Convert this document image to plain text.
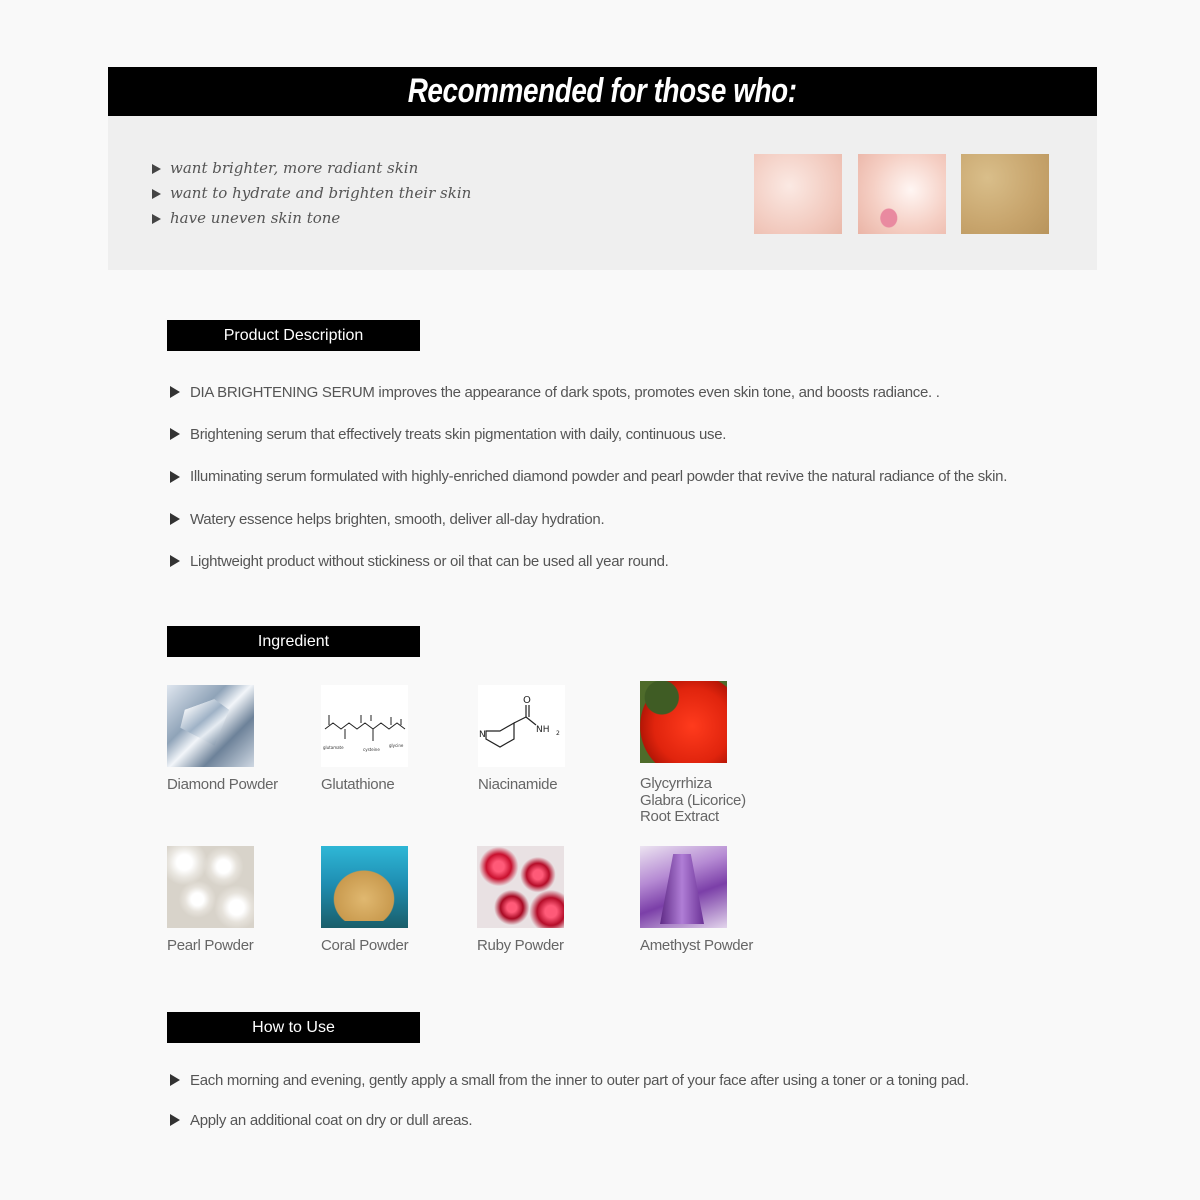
Recommended for those who:
want brighter, more radiant skin
want to hydrate and brighten their skin
have uneven skin tone
Product Description
DIA BRIGHTENING SERUM improves the appearance of dark spots, promotes even skin tone, and boosts radiance. .
Brightening serum that effectively treats skin pigmentation with daily, continuous use.
Illuminating serum formulated with highly-enriched diamond powder and pearl powder that revive the natural radiance of the skin.
Watery essence helps brighten, smooth, deliver all-day hydration.
Lightweight product without stickiness or oil that can be used all year round.
Ingredient
Diamond Powder
glutamate	cysteine
glycine
Glutathione
O
N	NH 2
Niacinamide	Glycyrrhiza
Glabra (Licorice)
Root Extract
Pearl Powder	Coral Powder	Ruby Powder	Amethyst Powder
How to Use
Each morning and evening, gently apply a small from the inner to outer part of your face after using a toner or a toning pad.
Apply an additional coat on dry or dull areas.
